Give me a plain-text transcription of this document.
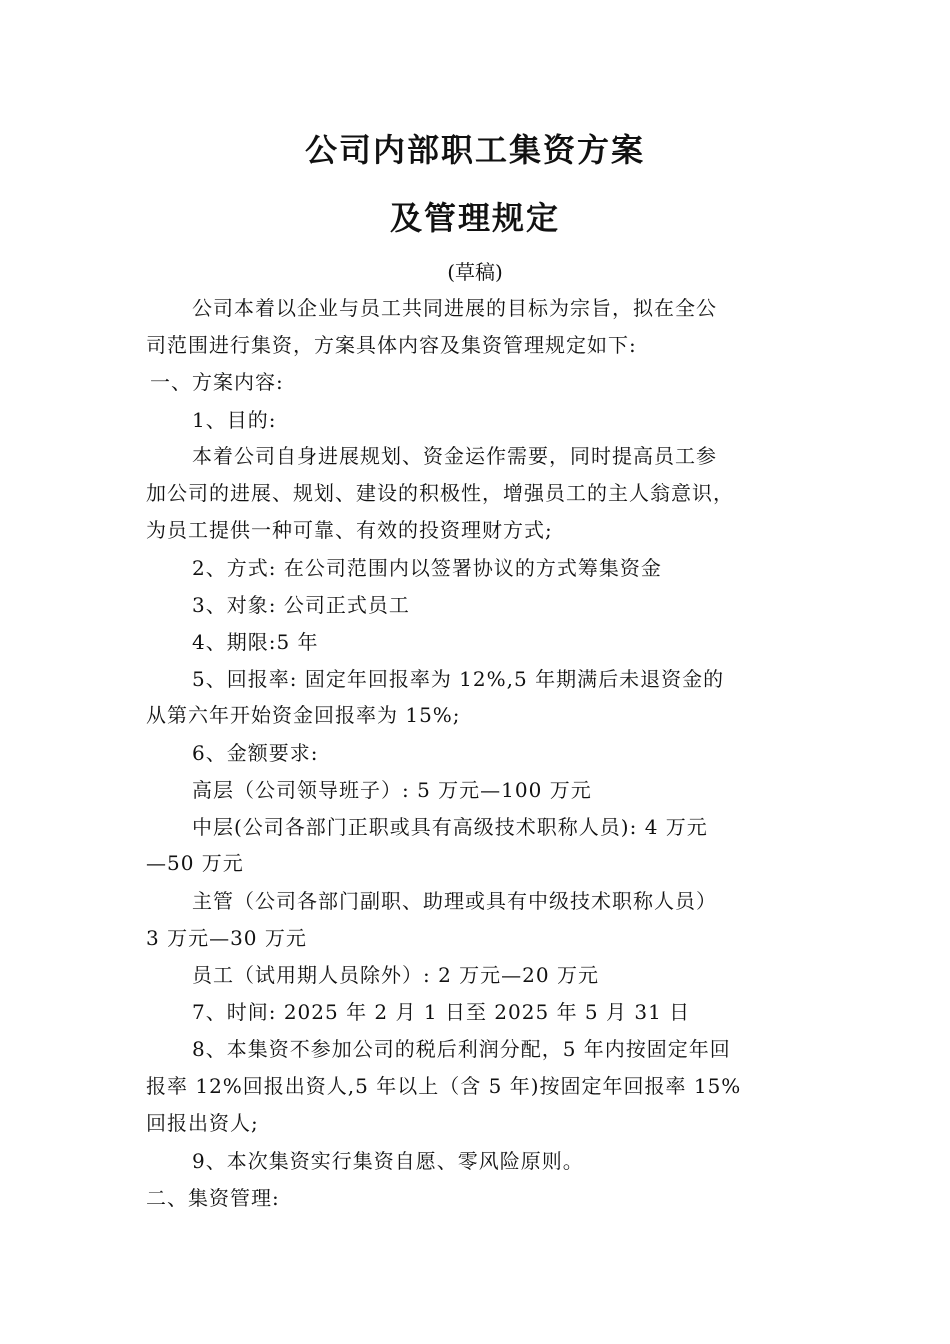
公司内部职工集资方案
及管理规定
(草稿)
公司本着以企业与员工共同进展的目标为宗旨，拟在全公
司范围进行集资，方案具体内容及集资管理规定如下:
一、方案内容:
1、目的:
本着公司自身进展规划、资金运作需要，同时提高员工参
加公司的进展、规划、建设的积极性，增强员工的主人翁意识，
为员工提供一种可靠、有效的投资理财方式;
2、方式: 在公司范围内以签署协议的方式筹集资金
3、对象: 公司正式员工
4、期限:5 年
5、回报率: 固定年回报率为 12%,5 年期满后未退资金的
从第六年开始资金回报率为 15%;
6、金额要求:
高层（公司领导班子）: 5 万元—100 万元
中层(公司各部门正职或具有高级技术职称人员): 4 万元
—50 万元
主管（公司各部门副职、助理或具有中级技术职称人员）
3 万元—30 万元
员工（试用期人员除外）: 2 万元—20 万元
7、时间: 2025 年 2 月 1 日至 2025 年 5 月 31 日
8、本集资不参加公司的税后利润分配，5 年内按固定年回
报率 12%回报出资人,5 年以上（含 5 年)按固定年回报率 15%
回报出资人;
9、本次集资实行集资自愿、零风险原则。
二、集资管理:
